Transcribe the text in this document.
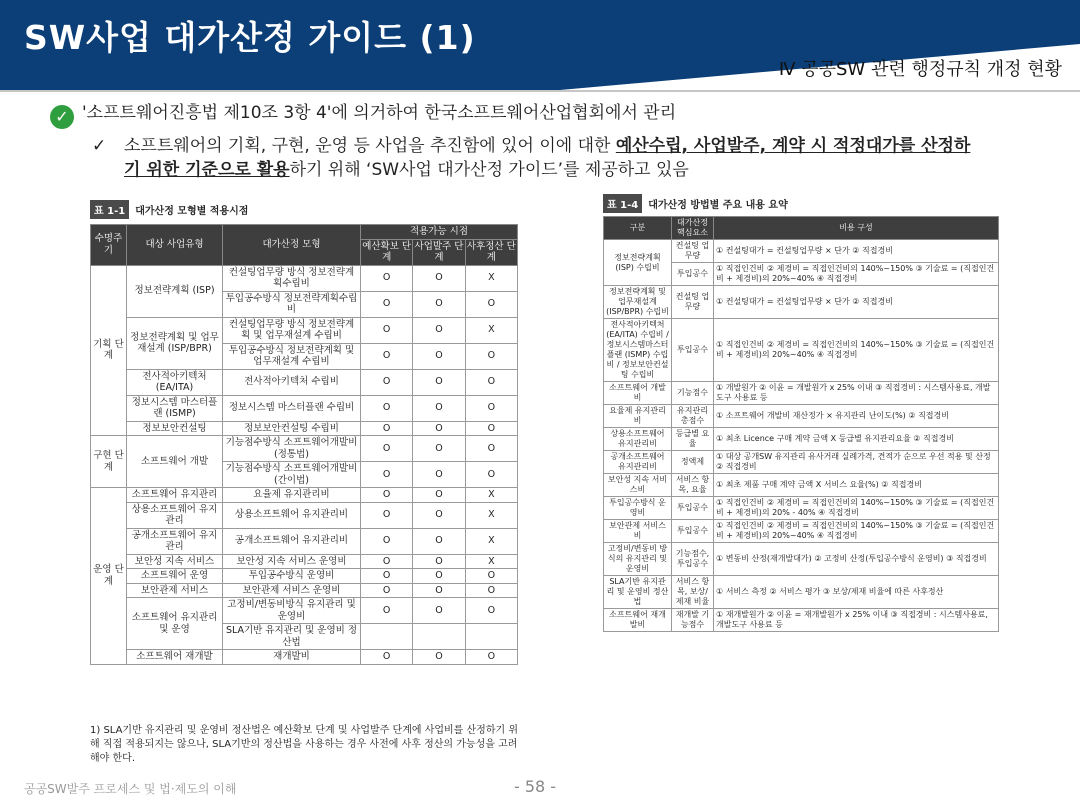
SW사업 대가산정 가이드 (1)
Ⅳ 공공SW 관련 행정규칙 개정 현황
✓ '소프트웨어진흥법 제10조 3항 4'에 의거하여 한국소프트웨어산업협회에서 관리
✓ 소프트웨어의 기획, 구현, 운영 등 사업을 추진함에 있어 이에 대한 예산수립, 사업발주, 계약 시 적정대가를 산정하기 위한 기준으로 활용하기 위해 ‘SW사업 대가산정 가이드’를 제공하고 있음
표 1-1 대가산정 모형별 적용시점
수명주기	대상 사업유형	대가산정 모형	적용가능 시점		
			예산확보 단계	사업발주 단계	사후정산 단계
기획 단계	정보전략계획 (ISP)	컨설팅업무량 방식 정보전략계획수립비	O	O	X
		투입공수방식 정보전략계획수립비	O	O	O
	정보전략계획 및 업무재설계 (ISP/BPR)	컨설팅업무량 방식 정보전략계획 및 업무재설계 수립비	O	O	X
		투입공수방식 정보전략계획 및 업무재설계 수립비	O	O	O
	전사적아키텍처 (EA/ITA)	전사적아키텍처 수립비	O	O	O
	정보시스템 마스터플랜 (ISMP)	정보시스템 마스터플랜 수립비	O	O	O
	정보보안컨설팅	정보보안컨설팅 수립비	O	O	O
구현 단계	소프트웨어 개발	기능점수방식 소프트웨어개발비(정통법)	O	O	O
		기능점수방식 소프트웨어개발비(간이법)	O	O	O
운영 단계	소프트웨어 유지관리	요율제 유지관리비	O	O	X
	상용소프트웨어 유지관리	상용소프트웨어 유지관리비	O	O	X
	공개소프트웨어 유지관리	공개소프트웨어 유지관리비	O	O	X
	보안성 지속 서비스	보안성 지속 서비스 운영비	O	O	X
	소프트웨어 운영	투입공수방식 운영비	O	O	O
	보안관제 서비스	보안관제 서비스 운영비	O	O	O
	소프트웨어 유지관리 및 운영	고정비/변동비방식 유지관리 및 운영비	O	O	O
		SLA기반 유지관리 및 운영비 정산법			
	소프트웨어 재개발	재개발비	O	O	O
1) SLA기반 유지관리 및 운영비 정산법은 예산확보 단계 및 사업발주 단계에 사업비를 산정하기 위해 직접 적용되지는 않으나, SLA기반의 정산법을 사용하는 경우 사전에 사후 정산의 가능성을 고려해야 한다.
표 1-4 대가산정 방법별 주요 내용 요약
구분	대가산정 핵심요소	비용 구성
정보전략계획 (ISP) 수립비	컨설팅 업무량	① 컨설팅대가 = 컨설팅업무량 × 단가 ② 직접경비
	투입공수	① 직접인건비 ② 제경비 = 직접인건비의 140%~150% ③ 기술료 = (직접인건비 + 제경비)의 20%~40% ④ 직접경비
정보전략계획 및 업무재설계 (ISP/BPR) 수립비	컨설팅 업무량	① 컨설팅대가 = 컨설팅업무량 × 단가 ② 직접경비
전사적아키텍처 (EA/ITA) 수립비 / 정보시스템마스터플랜 (ISMP) 수립비 / 정보보안컨설팅 수립비	투입공수	① 직접인건비 ② 제경비 = 직접인건비의 140%~150% ③ 기술료 = (직접인건비 + 제경비)의 20%~40% ④ 직접경비
소프트웨어 개발비	기능점수	① 개발원가 ② 이윤 = 개발원가 x 25% 이내 ③ 직접경비 : 시스템사용료, 개발도구 사용료 등
요율제 유지관리비	유지관리 총점수	① 소프트웨어 개발비 재산정가 × 유지관리 난이도(%) ② 직접경비
상용소프트웨어 유지관리비	등급별 요율	① 최초 Licence 구매 계약 금액 X 등급별 유지관리요율 ② 직접경비
공개소프트웨어 유지관리비	정액제	① 대상 공개SW 유지관리 유사거래 실례가격, 견적가 순으로 우선 적용 및 산정 ② 직접경비
보안성 지속 서비스비	서비스 항목, 요율	① 최초 제품 구매 계약 금액 X 서비스 요율(%) ② 직접경비
투입공수방식 운영비	투입공수	① 직접인건비 ② 제경비 = 직접인건비의 140%~150% ③ 기술료 = (직접인건비 + 제경비)의 20% - 40% ④ 직접경비
보안관제 서비스비	투입공수	① 직접인건비 ② 제경비 = 직접인건비의 140%~150% ③ 기술료 = (직접인건비 + 제경비)의 20%~40% ④ 직접경비
고정비/변동비 방식의 유지관리 및 운영비	기능점수, 투입공수	① 변동비 산정(재개발대가) ② 고정비 산정(투입공수방식 운영비) ③ 직접경비
SLA기반 유지관리 및 운영비 정산법	서비스 항목, 보상/제재 비율	① 서비스 측정 ② 서비스 평가 ③ 보상/제재 비율에 따른 사후정산
소프트웨어 재개발비	재개발 기능점수	① 재개발원가 ② 이윤 = 재개발원가 x 25% 이내 ③ 직접경비 : 시스템사용료, 개발도구 사용료 등
공공SW발주 프로세스 및 법·제도의 이해	- 58 -
